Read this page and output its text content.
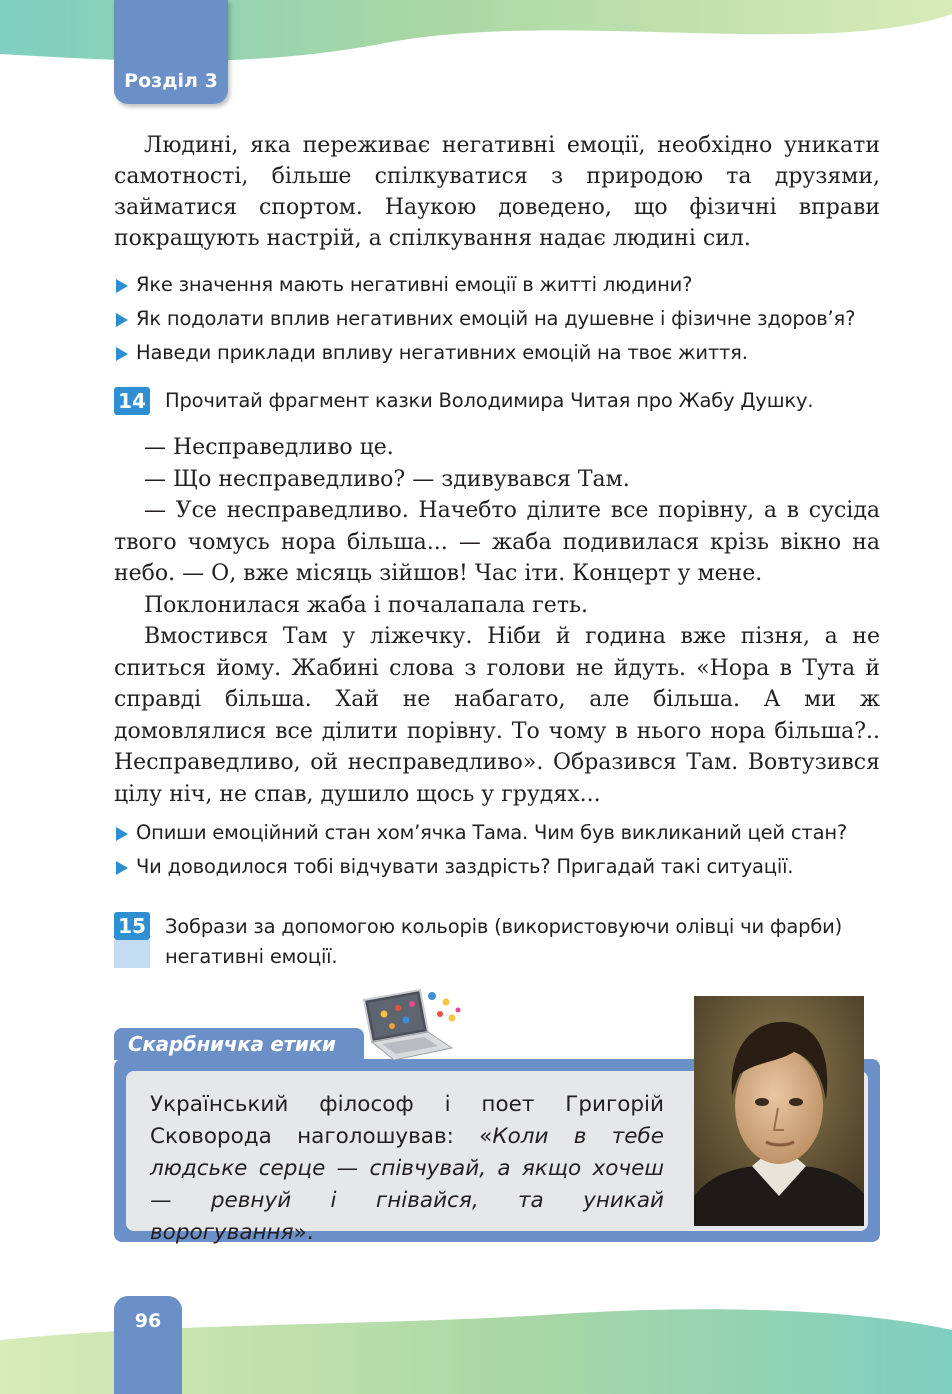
Розділ 3

Людині, яка переживає негативні емоції, необхідно уникати самотності, більше спілкуватися з природою та друзями, займатися спортом. Наукою доведено, що фізичні вправи покращують настрій, а спілкування надає людині сил.

Яке значення мають негативні емоції в житті людини?
Як подолати вплив негативних емоцій на душевне і фізичне здоров’я?
Наведи приклади впливу негативних емоцій на твоє життя.
14 Прочитай фрагмент казки Володимира Читая про Жабу Душку.

— Несправедливо це.

— Що несправедливо? — здивувався Там.

— Усе несправедливо. Начебто ділите все порівну, а в сусіда твого чомусь нора більша... — жаба подивилася крізь вікно на небо. — О, вже місяць зійшов! Час іти. Концерт у мене.

Поклонилася жаба і почалапала геть.

Вмостився Там у ліжечку. Ніби й година вже пізня, а не спиться йому. Жабині слова з голови не йдуть. «Нора в Тута й справді більша. Хай не набагато, але більша. А ми ж домовлялися все ділити порівну. То чому в нього нора більша?.. Несправедливо, ой несправедливо». Образився Там. Вовтузився цілу ніч, не спав, душило щось у грудях...

Опиши емоційний стан хом’ячка Тама. Чим був викликаний цей стан?
Чи доводилося тобі відчувати заздрість? Пригадай такі ситуації.
15 Зобрази за допомогою кольорів (використовуючи олівці чи фарби)
негативні емоції.
Скарбничка етики
Український філософ і поет Григорій Сковорода наголошував: «Коли в тебе людське серце — співчувай, а якщо хочеш — ревнуй і гнівайся, та уникай ворогування».
96
